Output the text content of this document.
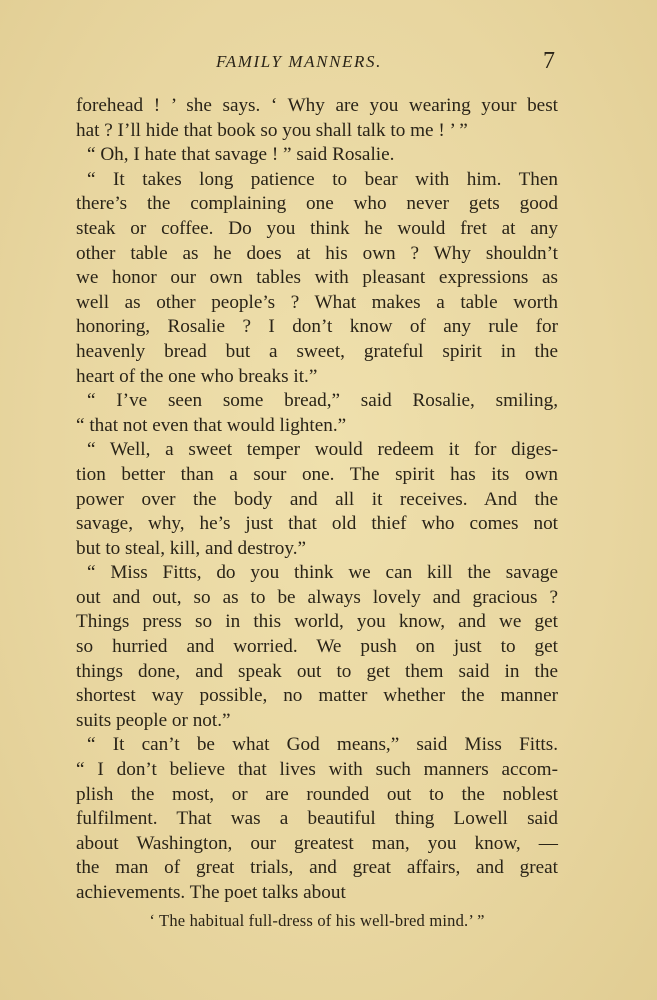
FAMILY MANNERS.	7
forehead ! ’ she says. ‘ Why are you wearing your best
hat ? I’ll hide that book so you shall talk to me ! ’ ”
“ Oh, I hate that savage ! ” said Rosalie.
“ It takes long patience to bear with him. Then
there’s the complaining one who never gets good
steak or coffee. Do you think he would fret at any
other table as he does at his own ? Why shouldn’t
we honor our own tables with pleasant expressions as
well as other people’s ? What makes a table worth
honoring, Rosalie ? I don’t know of any rule for
heavenly bread but a sweet, grateful spirit in the
heart of the one who breaks it.”
“ I’ve seen some bread,” said Rosalie, smiling,
“ that not even that would lighten.”
“ Well, a sweet temper would redeem it for diges-
tion better than a sour one. The spirit has its own
power over the body and all it receives. And the
savage, why, he’s just that old thief who comes not
but to steal, kill, and destroy.”
“ Miss Fitts, do you think we can kill the savage
out and out, so as to be always lovely and gracious ?
Things press so in this world, you know, and we get
so hurried and worried. We push on just to get
things done, and speak out to get them said in the
shortest way possible, no matter whether the manner
suits people or not.”
“ It can’t be what God means,” said Miss Fitts.
“ I don’t believe that lives with such manners accom-
plish the most, or are rounded out to the noblest
fulfilment. That was a beautiful thing Lowell said
about Washington, our greatest man, you know, —
the man of great trials, and great affairs, and great
achievements. The poet talks about
‘ The habitual full-dress of his well-bred mind.’ ”
